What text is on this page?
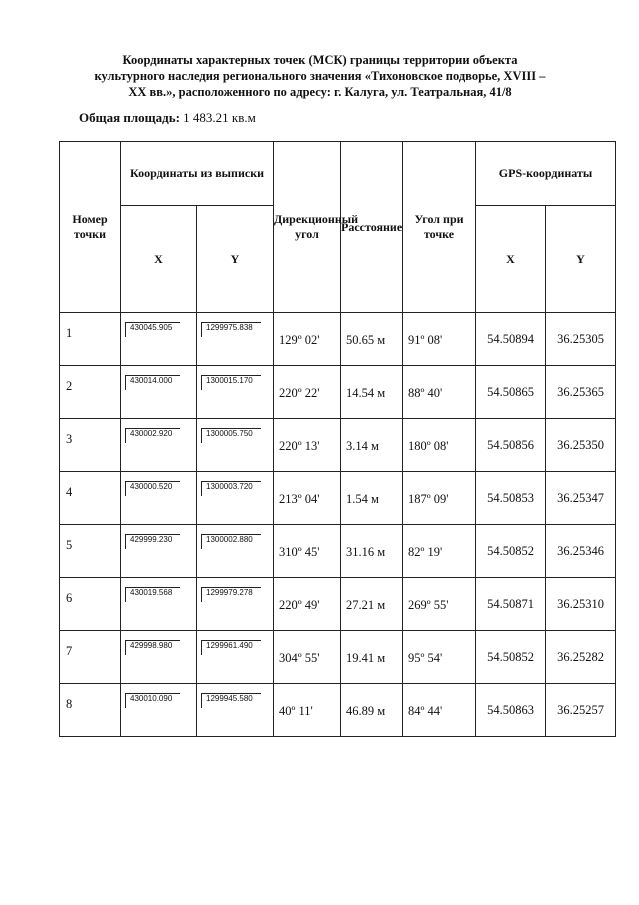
Координаты характерных точек (МСК) границы территории объекта
культурного наследия регионального значения «Тихоновское подворье, XVIII –
XX вв.», расположенного по адресу: г. Калуга, ул. Театральная, 41/8
Общая площадь: 1 483.21 кв.м
Номер точки	Координаты из выписки		Дирекционный угол	Расстояние	Угол при точке	GPS-координаты	
	X	Y				X	Y
1	430045.905	1299975.838	129º 02'	50.65 м	91º 08'	54.50894	36.25305
2	430014.000	1300015.170	220º 22'	14.54 м	88º 40'	54.50865	36.25365
3	430002.920	1300005.750	220º 13'	3.14 м	180º 08'	54.50856	36.25350
4	430000.520	1300003.720	213º 04'	1.54 м	187º 09'	54.50853	36.25347
5	429999.230	1300002.880	310º 45'	31.16 м	82º 19'	54.50852	36.25346
6	430019.568	1299979.278	220º 49'	27.21 м	269º 55'	54.50871	36.25310
7	429998.980	1299961.490	304º 55'	19.41 м	95º 54'	54.50852	36.25282
8	430010.090	1299945.580	40º 11'	46.89 м	84º 44'	54.50863	36.25257
